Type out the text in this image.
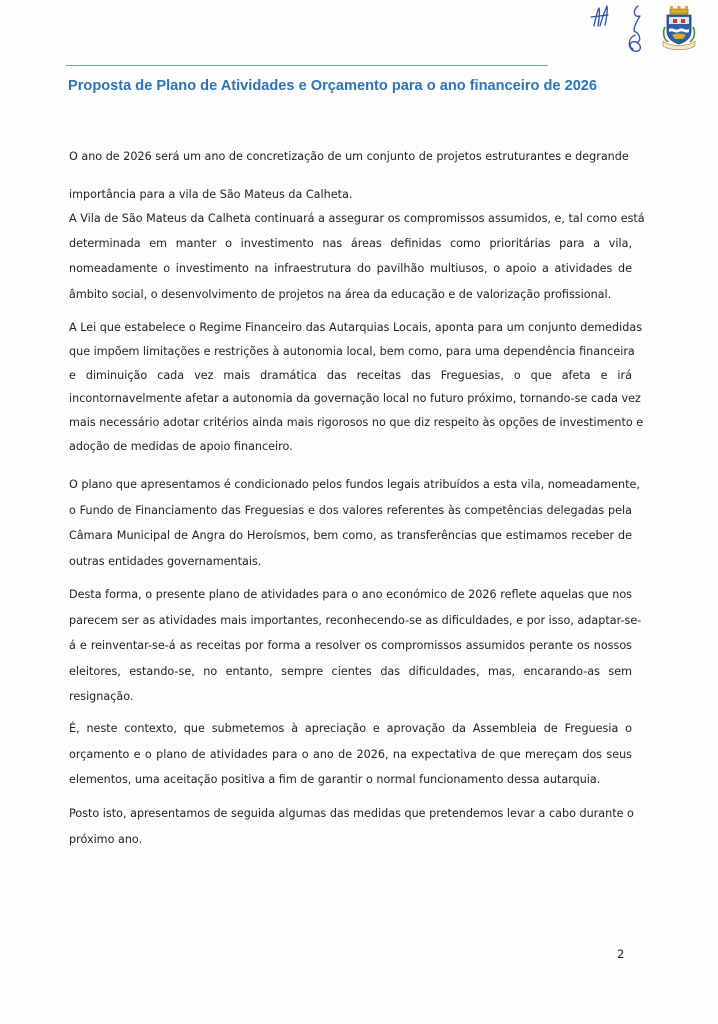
Proposta de Plano de Atividades e Orçamento para o ano financeiro de 2026
O ano de 2026 será um ano de concretização de um conjunto de projetos estruturantes e degrande
importância para a vila de São Mateus da Calheta.
A Vila de São Mateus da Calheta continuará a assegurar os compromissos assumidos, e, tal como está
determinada em manter o investimento nas áreas definidas como prioritárias para a vila,
nomeadamente o investimento na infraestrutura do pavilhão multiusos, o apoio a atividades de
âmbito social, o desenvolvimento de projetos na área da educação e de valorização profissional.
A Lei que estabelece o Regime Financeiro das Autarquias Locais, aponta para um conjunto demedidas
que impõem limitações e restrições à autonomia local, bem como, para uma dependência financeira
e diminuição cada vez mais dramática das receitas das Freguesias, o que afeta e irá
incontornavelmente afetar a autonomia da governação local no futuro próximo, tornando-se cada vez
mais necessário adotar critérios ainda mais rigorosos no que diz respeito às opções de investimento e
adoção de medidas de apoio financeiro.
O plano que apresentamos é condicionado pelos fundos legais atribuídos a esta vila, nomeadamente,
o Fundo de Financiamento das Freguesias e dos valores referentes às competências delegadas pela
Câmara Municipal de Angra do Heroísmos, bem como, as transferências que estimamos receber de
outras entidades governamentais.
Desta forma, o presente plano de atividades para o ano económico de 2026 reflete aquelas que nos
parecem ser as atividades mais importantes, reconhecendo-se as dificuldades, e por isso, adaptar-se-
á e reinventar-se-á as receitas por forma a resolver os compromissos assumidos perante os nossos
eleitores, estando-se, no entanto, sempre cientes das dificuldades, mas, encarando-as sem
resignação.
É, neste contexto, que submetemos à apreciação e aprovação da Assembleia de Freguesia o
orçamento e o plano de atividades para o ano de 2026, na expectativa de que mereçam dos seus
elementos, uma aceitação positiva a fim de garantir o normal funcionamento dessa autarquia.
Posto isto, apresentamos de seguida algumas das medidas que pretendemos levar a cabo durante o
próximo ano.
2
